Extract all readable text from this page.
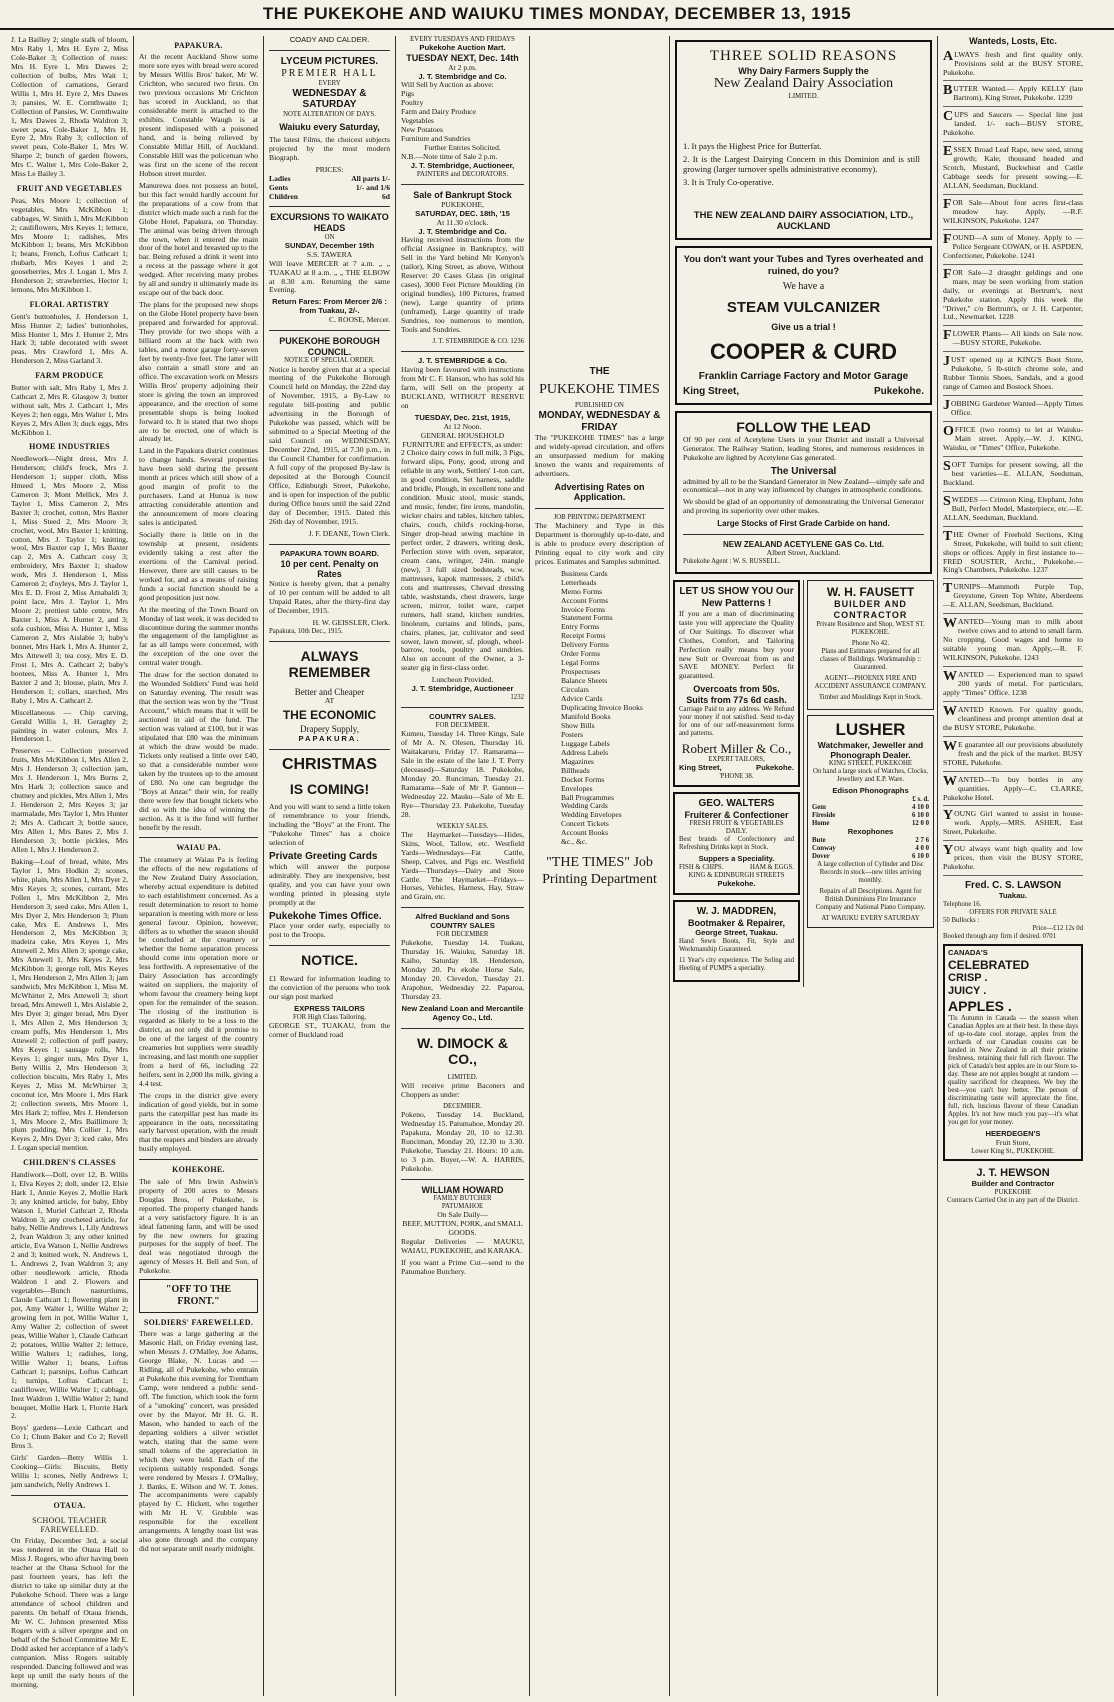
THE PUKEKOHE AND WAIUKU TIMES MONDAY, DECEMBER 13, 1915

J. La Bailley 2; single stalk of bloom, Mrs Raby 1, Mrs H. Eyre 2, Miss Cole-Baker 3; Collection of roses: Mrs H. Eyre 1, Mrs Dawes 2; collection of bulbs, Mrs Wait 1; Collection of carnations, Gerard Willis 1, Mrs H. Eyre 2, Mrs Dawes 3; pansies, W. E. Cornthwaite 1; Collection of Pansies, W. Cornthwaite 1, Mrs Dawes 2, Rhoda Waldron 3; sweet peas, Cole-Baker 1, Mrs H. Eyre 2, Mrs Raby 3; collection of sweet peas, Cole-Baker 1, Mrs W. Sharpe 2; bunch of garden flowers, Mrs C. Walter 1, Mrs Cole-Baker 2, Miss Le Bailey 3.

FRUIT AND VEGETABLES

Peas, Mrs Moore 1; collection of vegetables, Mrs McKibbon 1; cabbages, W. Smith 1, Mrs McKibbon 2; cauliflowers, Mrs Keyes 1; lettuce, Mrs Moore 1; radishes, Mrs McKibbon 1; beans, Mrs McKibbon 1; beans, French, Loftus Cathcart 1; rhubarb, Mrs Keyes 1 and 2; gooseberries, Mrs J. Logan 1, Mrs J. Henderson 2; strawberries, Hector 1; lemons, Mrs McKibbon 1.

FLORAL ARTISTRY

Gent's buttonholes, J. Henderson 1, Miss Hunter 2; ladies' buttonholes, Miss Hunter 1, Mrs J. Hunter 2, Mrs Hark 3; table decorated with sweet peas, Mrs Crawford 1, Mrs A. Henderson 2, Miss Garland 3.

FARM PRODUCE

Butter with salt, Mrs Raby 1, Mrs J. Cathcart 2, Mrs R. Glasgow 3; butter without salt, Mrs J. Cathcart 1, Mrs Keyes 2; hen eggs, Mrs Walter 1, Mrs Keyes 2, Mrs Allen 3; duck eggs, Mrs McKibbon 1.

HOME INDUSTRIES

Needlework—Night dress, Mrs J. Henderson; child's frock, Mrs J. Henderson 1; supper cloth, Miss Hmeed 1, Mrs Moore 2, Miss Cameron 3; Mont Mellick, Mrs J. Taylor 1, Miss Cameron 2, Mrs Baxter 3; crochet, cotton, Mrs Baxter 1, Miss Steed 2, Mrs Moore 3; crochet, wool, Mrs Baxter 1; knitting, cotton, Mrs J. Taylor 1; knitting, wool, Mrs Baxter cap 1, Mrs Baxter cap 2, Mrs A. Cathcart cosy 3; embroidery, Mrs Baxter 1; shadow work, Mrs J. Henderson 1, Miss Cameron 2; d'oyleys, Mrs J. Taylor 1, Mrs E. D. Frost 2, Miss Arnabaldi 3; point lace, Mrs J. Taylor 1, Mrs Moore 2; prettiest table centre, Mrs Baxter 1, Miss A. Hunter 2, and 3; sofa cushion, Miss A. Hunter 1, Miss Cameron 2, Mrs Aislabie 3; baby's bonnet, Mrs Hark 1, Mrs A. Hunter 2, Mrs Attewell 3; tea cosy, Mrs E. D. Frost 1, Mrs A. Cathcart 2; baby's bootees, Miss A. Hunter 1, Mrs Baxter 2 and 3; blouse, plain, Mrs J. Henderson 1; collars, starched, Mrs Raby 1, Mrs A. Cathcart 2.

Miscellaneous — Chip carving, Gerald Willis 1, H. Geraghty 2; painting in water colours, Mrs J. Henderson 1.

Preserves — Collection preserved fruits, Mrs McKibbon 1, Mrs Allen 2, Mrs J. Henderson 3; collection jam, Mrs J. Henderson 1, Mrs Burns 2, Mrs Hark 3; collection sauce and chutney and pickles, Mrs Allen 1, Mrs J. Henderson 2, Mrs Keyes 3; jar marmalade, Mrs Taylor 1, Mrs Hunter 2; Mrs A. Cathcart 3; bottle sauce, Mrs Allen 1, Mrs Bates 2, Mrs J. Henderson 3; bottle pickles, Mrs Allen 1, Mrs J. Henderson 2.

Baking—Loaf of bread, white, Mrs Taylor 1, Mrs Hodkin 2; scones, white, plain, Mrs Allen 1, Mrs Dyer 2, Mrs Keyes 3; scones, currant, Mrs Pollen 1, Mrs McKibbon 2, Mrs Henderson 3; seed cake, Mrs Allen 1, Mrs Dyer 2, Mrs Henderson 3; Plum cake, Mrs E. Andrews 1, Mrs Henderson 2, Mrs McKibbon 3; madeira cake, Mrs Keyes 1, Mrs Attewell 2, Mrs Allen 3; sponge cake, Mrs Attewell 1, Mrs Keyes 2, Mrs McKibbon 3; george roll, Mrs Keyes 1, Mrs Henderson 2, Mrs Allen 3; jam sandwich, Mrs McKibbon 1, Miss M. McWhirter 2, Mrs Attewell 3; short bread, Mrs Attewell 1, Mrs Aislabie 2, Mrs Dyer 3; ginger bread, Mrs Dyer 1, Mrs Allen 2, Mrs Henderson 3; cream puffs, Mrs Henderson 1, Mrs Attewell 2; collection of puff pastry, Mrs Keyes 1; sausage rolls, Mrs Keyes 1; ginger nuts, Mrs Dyer 1, Betty Willis 2, Mrs Henderson 3; collection biscuits, Mrs Raby 1, Mrs Keyes 2, Miss M. McWhirter 3; coconut ice, Mrs Moore 1, Mrs Hark 2; collection sweets, Mrs Moore 1, Mrs Hark 2; toffee, Mrs J. Henderson 1, Mrs Moore 2, Mrs Baillimore 3; plum pudding, Mrs Collier 1, Mrs Keyes 2, Mrs Dyer 3; iced cake, Mrs J. Logan special mention.

CHILDREN'S CLASSES

Handiwork—Doll, over 12, B. Willis 1, Elva Keyes 2; doll, under 12, Elsie Hark 1, Annie Keyes 2, Mollie Hark 3; any knitted article, for baby, Ebby Watson 1, Muriel Cathcart 2, Rhoda Waldron 3; any crocheted article, for baby, Nellie Andrews 1, Lily Andrews 2, Ivan Waldron 3; any other knitted article, Eva Watson 1, Nellie Andrews 2 and 3; knitted work, N. Andrews 1, L. Andrews 2, Ivan Waldron 3; any other needlework article, Rhoda Waldron 1 and 2. Flowers and vegetables—Bunch nasturtiums, Claude Cathcart 1; flowering plant in pot, Amy Walter 1, Willie Walter 2; growing fern in pot, Willie Walter 1, Amy Walter 2; collection of sweet peas, Willie Walter 1, Claude Cathcart 2; potatoes, Willie Walter 2; lettuce, Willie Walters 1; radishes, long, Willie Walter 1; beans, Loftus Cathcart 1; parsnips, Loftus Cathcart 1; turnips, Loftus Cathcart 1; cauliflower, Willie Walter 1; cabbage, Inez Waldron 1, Willie Walter 2; hand bouquet, Mollie Hark 1, Florrie Hark 2.

Boys' gardens—Lexie Cathcart and Co 1; Chum Baker and Co 2; Revell Bros 3.

Girls' Garden—Betty Willis 1. Cooking—Girls: Biscuits, Betty Willis 1; scones, Nelly Andrews 1; jam sandwich, Nelly Andrews 1.

OTAUA.
SCHOOL TEACHER FAREWELLED.

On Friday, December 3rd, a social was tendered in the Otaua Hall to Miss J. Rogers, who after having been teacher at the Otaua School for the past fourteen years, has left the district to take up similar duty at the Pukekohe School. There was a large attendance of school children and parents. On behalf of Otaua friends, Mr W. C. Johnson presented Miss Rogers with a silver epergne and on behalf of the School Committee Mr E. Dodd asked her acceptance of a lady's companion. Miss Rogers suitably responded. Dancing followed and was kept up until the early hours of the morning.

PAPAKURA.

At the recent Auckland Show some more sore eyes with bread were scored by Messrs Willis Bros' baker, Mr W. Crichton, who secured two firsts. On two previous occasions Mr Crichton has scored in Auckland, so that considerable merit is attached to the exhibits. Constable Waugh is at present indisposed with a poisoned hand, and is being relieved by Constable Millar Hill, of Auckland. Constable Hill was the policeman who was first on the scene of the recent Hobson street murder.

Manurewa does not possess an hotel, but this fact would hardly account for the preparations of a cow from that district which made such a rush for the Globe Hotel, Papakura, on Thursday. The animal was being driven through the town, when it entered the main door of the hotel and breasted up to the bar. Being refused a drink it went into a recess at the passage where it got wedged. After receiving many probes by all and sundry it ultimately made its escape out of the back door.

The plans for the proposed new shops on the Globe Hotel property have been prepared and forwarded for approval. They provide for two shops with a billiard room at the back with two tables, and a motor garage forty-seven feet by twenty-five feet. The latter will also contain a small store and an office. The excavation work on Messrs Willis Bros' property adjoining their store is giving the town an improved appearance, and the erection of some presentable shops is being looked forward to. It is stated that two shops are to be erected, one of which is already let.

Land in the Papakura district continues to change hands. Several properties have been sold during the present month at prices which still show of a good margin of profit to the purchasers. Land at Hunua is now attracting considerable attention and the announcement of more clearing sales is anticipated.

Socially there is little on in the township at present, residents evidently taking a rest after the exertions of the Carnival period. However, there are still causes to be worked for, and as a means of raising funds a social function should be a good proposition just now.

At the meeting of the Town Board on Monday of last week, it was decided to discontinue during the summer months the engagement of the lamplighter as far as all lamps were concerned, with the exception of the one over the central water trough.

The draw for the section donated to the Wounded Soldiers' Fund was held on Saturday evening. The result was that the section was won by the "Trust Account," which means that it will be auctioned in aid of the fund. The section was valued at £100, but it was stipulated that £80 was the minimum at which the draw would be made. Tickets only realised a little over £40, so that a considerable number were taken by the trustees up to the amount of £80. No one can begrudge the "Boys at Anzac" their win, for really there were few that bought tickets who did so with the idea of winning the section. As it is the fund will further benefit by the result.

WAIAU PA.

The creamery at Waiau Pa is feeling the effects of the new regulations of the New Zealand Dairy Association, whereby actual expenditure is debited to each establishment concerned. As a result determination to resort to home separation is meeting with more or less general favour. Opinion, however, differs as to whether the season should be concluded at the creamery or whether the home separation process should come into operation more or less forthwith. A representative of the Dairy Association has accordingly waited on suppliers, the majority of whom favour the creamery being kept open for the remainder of the season. The closing of the institution is regarded as likely to be a loss to the district, as not only did it promise to be one of the largest of the country creameries but suppliers were steadily increasing, and last month one supplier from a herd of 66, including 22 heifers, sent in 2,000 lbs milk, giving a 4.4 test.

The crops in the district give every indication of good yields, but in some parts the caterpillar pest has made its appearance in the oats, necessitating early harvest operation, with the result that the reapers and binders are already busily employed.

KOHEKOHE.

The sale of Mrs Irwin Ashwin's property of 200 acres to Messrs Douglas Bros, of Pukekohe, is reported. The property changed hands at a very satisfactory figure. It is an ideal fattening farm, and will be used by the new owners for grazing purposes for the supply of beef. The deal was negotiated through the agency of Messrs H. Bell and Son, of Pukekohe.

"OFF TO THE FRONT."
SOLDIERS' FAREWELLED.

There was a large gathering at the Masonic Hall, on Friday evening last, when Messrs J. O'Malley, Joe Adams, George Blake, N. Lucas and — Ridling, all of Pukekohe, who entrain at Pukekohe this evening for Trentham Camp, were tendered a public send-off. The function, which took the form of a "smoking" concert, was presided over by the Mayor, Mr H. G. R. Mason, who handed to each of the departing soldiers a silver wristlet watch, stating that the same were small tokens of the appreciation in which they were held. Each of the recipients suitably responded. Songs were rendered by Messrs J. O'Malley, J. Banks, E. Wilson and W. T. Jones. The accompaniments were capably played by C. Hickett, who together with Mr H. V. Grubble was responsible for the excellent arrangements. A lengthy toast list was also gone through and the company did not separate until nearly midnight.

COADY AND CALDER.
LYCEUM PICTURES.
PREMIER HALL
EVERY
WEDNESDAY & SATURDAY
NOTE ALTERATION OF DAYS.
Waiuku every Saturday,

The latest Films, the choicest subjects projected by the most modern Biograph.

PRICES:
Ladies	All parts 1/-
Gents	1/- and 1/6
Children	6d
EXCURSIONS TO WAIKATO HEADS
ON
SUNDAY, December 19th
S.S. TAWERA

Will leave MERCER at 7 a.m. „ „ TUAKAU at 8 a.m. „ „ THE ELBOW at 8.30 a.m. Returning the same Evening.

Return Fares: From Mercer 2/6 : from Tuakau, 2/-.
C. ROOSE, Mercer.
PUKEKOHE BOROUGH COUNCIL.
NOTICE OF SPECIAL ORDER.

Notice is hereby given that at a special meeting of the Pukekohe Borough Council held on Monday, the 22nd day of November, 1915, a By-Law to regulate bill-posting and public advertising in the Borough of Pukekohe was passed, which will be submitted to a Special Meeting of the said Council on WEDNESDAY, December 22nd, 1915, at 7.30 p.m., in the Council Chamber for confirmation. A full copy of the proposed By-law is deposited at the Borough Council Office, Edinburgh Street, Pukekohe, and is open for inspection of the public during Office hours until the said 22nd day of December, 1915. Dated this 26th day of November, 1915.

J. F. DEANE, Town Clerk.
PAPAKURA TOWN BOARD.
10 per cent. Penalty on Rates

Notice is hereby given, that a penalty of 10 per centum will be added to all Unpaid Rates, after the thirty-first day of December, 1915.

H. W. GEISSLER, Clerk.
Papakura, 10th Dec., 1915.
ALWAYS REMEMBER
Better and Cheaper
AT
THE ECONOMIC
Drapery Supply,
PAPAKURA.
CHRISTMAS
IS COMING!

And you will want to send a little token of remembrance to your friends, including the "Boys" at the Front. The "Pukekohe Times" has a choice selection of

Private Greeting Cards

which will answer the purpose admirably. They are inexpensive, best quality, and you can have your own wording printed in pleasing style promptly at the

Pukekohe Times Office.

Place your order early, especially to post to the Troops.

NOTICE.

£1 Reward for information leading to the conviction of the persons who took our sign post marked

EXPRESS TAILORS
FOR High Class Tailoring,

GEORGE ST., TUAKAU, from the corner of Buckland road

EVERY TUESDAYS AND FRIDAYS
Pukekohe Auction Mart.
TUESDAY NEXT, Dec. 14th
At 2 p.m.
J. T. Stembridge and Co.
Will Sell by Auction as above:
Pigs
Poultry
Farm and Dairy Produce
Vegetables
New Potatoes
Furniture and Sundries
Further Entries Solicited.
N.B.—Note time of Sale 2 p.m.
J. T. Stembridge, Auctioneer,
PAINTERS and DECORATORS.
Sale of Bankrupt Stock
PUKEKOHE,
SATURDAY, DEC. 18th, '15
At 11.30 o'clock.
J. T. Stembridge and Co.

Having received instructions from the official Assignee in Bankruptcy, will Sell in the Yard behind Mr Kenyon's (tailor), King Street, as above, Without Reserve: 20 Cases Glass (in original cases), 3000 Feet Picture Moulding (in original bundles), 100 Pictures, framed (new), Large quantity of prints (unframed), Large quantity of trade Sundries, too numerous to mention, Tools and Sundries.

J. T. STEMBRIDGE & CO. 1236
J. T. STEMBRIDGE & Co.

Having been favoured with instructions from Mr C. F. Hanson, who has sold his farm, will Sell on the property at BUCKLAND, WITHOUT RESERVE on

TUESDAY, Dec. 21st, 1915,
At 12 Noon.
GENERAL HOUSEHOLD FURNITURE and EFFECTS, as under:

2 Choice dairy cows in full milk, 3 Pigs, forward slips, Pony, good, strong and reliable in any work, Settlers' 1-ton cart, in good condition, Set harness, saddle and bridle, Plough, in excellent tone and condition. Music stool, music stands, and music, fender, fire irons, mandolin, wicker chairs and tables, kitchen tables, chairs, couch, child's rocking-horse, Singer drop-head sewing machine in perfect order, 2 drawers, writing desk, Perfection stove with oven, separator, cream cans, wringer, 24in. mangle (new), 3 full sized bedsteads, w.w. mattresses, kapok mattresses, 2 child's cots and mattresses, Chevad dressing table, washstands, chest drawers, large screen, mirror, toilet ware, carpet runners, hall stand, kitchen sundries, linoleum, curtains and blinds, pans, chairs, planes, jar, cultivator and seed sower, lawn mower, sf. plough, wheel-barrow, tools, poultry and sundries. Also on account of the Owner, a 3-seater gig in first-class order.

Luncheon Provided.
J. T. Stembridge, Auctioneer
1232
COUNTRY SALES.
FOR DECEMBER.

Kumeu, Tuesday 14. Three Kings, Sale of Mr A. N. Olesen, Thursday 16. Waitakaruru, Friday 17. Ramarama—Sale in the estate of the late J. T. Perry (deceased)—Saturday 18. Pukekohe, Monday 20. Runciman, Tuesday 21. Ramarama—Sale of Mr P. Gannon—Wednesday 22. Mauku—Sale of Mr E. Rye—Thursday 23. Pukekohe, Tuesday 28.

WEEKLY SALES.

The Haymarket—Tuesdays—Hides, Skins, Wool, Tallow, etc. Westfield Yards—Wednesdays—Fat Cattle, Sheep, Calves, and Pigs etc. Westfield Yards—Thursdays—Dairy and Store Cattle. The Haymarket—Fridays—Horses, Vehicles, Harness, Hay, Straw and Grain, etc.

Alfred Buckland and Sons
COUNTRY SALES
FOR DECEMBER

Pukekohe, Tuesday 14. Tuakau, Thursday 16. Waiuku, Saturday 18. Kaiho, Saturday 18. Henderson, Monday 20. Pu ekohe Horse Sale, Monday 20. Clevedon, Tuesday 21. Arapohue, Wednesday 22. Paparoa, Thursday 23.

New Zealand Loan and Mercantile Agency Co., Ltd.
W. DIMOCK & CO.,
LIMITED.

Will receive prime Baconers and Choppers as under:

DECEMBER.

Pokeno, Tuesday 14. Buckland, Wednesday 15. Patumahoe, Monday 20. Papakura, Monday 20, 10 to 12.30. Runciman, Monday 20, 12.30 to 3.30. Pukekohe, Tuesday 21. Hours: 10 a.m. to 3 p.m. Buyer,—W. A. HARRIS, Pukekohe.

WILLIAM HOWARD
FAMILY BUTCHER
PATUMAHOE
On Sale Daily—
BEEF, MUTTON, PORK, and SMALL GOODS.

Regular Deliveries — MAUKU, WAIAU, PUKEKOHE, and KARAKA.

If you want a Prime Cut—send to the Patumahoe Butchery.

THE
PUKEKOHE TIMES
PUBLISHED ON
MONDAY, WEDNESDAY & FRIDAY

The "PUKEKOHE TIMES" has a large and widely-spread circulation, and offers an unsurpassed medium for making known the wants and requirements of advertisers.

Advertising Rates on Application.
JOB PRINTING DEPARTMENT

The Machinery and Type in this Department is thoroughly up-to-date, and is able to produce every description of Printing equal to city work and city prices. Estimates and Samples submitted.

Business Cards
Letterheads
Memo Forms
Account Forms
Invoice Forms
Statement Forms
Entry Forms
Receipt Forms
Delivery Forms
Order Forms
Legal Forms
Prospectuses
Balance Sheets
Circulars
Advice Cards
Duplicating Invoice Books
Manifold Books
Show Bills
Posters
Luggage Labels
Address Labels
Magazines
Billheads
Docket Forms
Envelopes
Ball Programmes
Wedding Cards
Wedding Envelopes
Concert Tickets
Account Books
&c., &c.
"THE TIMES" Job Printing Department
THREE SOLID REASONS
Why Dairy Farmers Supply the
New Zealand Dairy Association
LIMITED.

1. It pays the Highest Price for Butterfat.

2. It is the Largest Dairying Concern in this Dominion and is still growing (larger turnover spells administrative economy).

3. It is Truly Co-operative.

THE NEW ZEALAND DAIRY ASSOCIATION, LTD., AUCKLAND
You don't want your Tubes and Tyres overheated and ruined, do you?
We have a
STEAM VULCANIZER
Give us a trial !
COOPER & CURD
Franklin Carriage Factory and Motor Garage
King Street,	Pukekohe.
FOLLOW THE LEAD

Of 90 per cent of Acetylene Users in your District and install a Universal Generator. The Railway Station, leading Stores, and numerous residences in Pukekohe are lighted by Acetylene Gas generated.

The Universal

admitted by all to be the Standard Generator in New Zealand—simply safe and economical—not in any way influenced by changes in atmospheric conditions.

We should be glad of an opportunity of demonstrating the Universal Generator and proving its superiority over other makes.

Large Stocks of First Grade Carbide on hand.
NEW ZEALAND ACETYLENE GAS Co. Ltd.
Albert Street, Auckland.
Pukekohe Agent : W. S. RUSSELL.
LET US SHOW YOU Our New Patterns !

If you are a man of discriminating taste you will appreciate the Quality of Our Suitings. To discover what Clothes, Comfort, and Tailoring Perfection really means buy your new Suit or Overcoat from us and SAVE MONEY. Perfect fit guaranteed.

Overcoats from 50s.
Suits from 77s 6d cash.

Carriage Paid to any address. We Refund your money if not satisfied. Send to-day for one of our self-measurement forms and patterns.

Robert Miller & Co.,
EXPERT TAILORS,
King Street,	Pukekohe.
'PHONE 38.
GEO. WALTERS
Fruiterer & Confectioner
FRESH FRUIT & VEGETABLES DAILY.

Best brands of Confectionery and Refreshing Drinks kept in Stock.

Suppers a Speciality.
FISH & CHIPS.	HAM & EGGS.
KING & EDINBURGH STREETS
Pukekohe.
W. J. MADDREN,
Bootmaker & Repairer,
George Street, Tuakau.

Hand Sewn Boots, Fit, Style and Workmanship Guaranteed.

11 Year's city experience. The Soling and Heeling of PUMPS a speciality.

W. H. FAUSETT
BUILDER AND CONTRACTOR

Private Residence and Shop, WEST ST. PUKEKOHE.

Phone No 42.

Plans and Estimates prepared for all classes of Buildings. Workmanship :: Guaranteed.

AGENT—PHOENIX FIRE AND ACCIDENT ASSURANCE COMPANY.

Timber and Mouldings Kept in Stock.

LUSHER
Watchmaker, Jeweller and Phonograph Dealer.
KING STREET, PUKEKOHE

On hand a large stock of Watches, Clocks, Jewellery and E.P. Ware.

Edison Phonographs
£ s. d.
Gem	4 10 0
Fireside	6 10 0
Home	12 0 0
Rexophones
Bute	2 7 6
Conway	4 0 0
Dover	6 10 0

A large collection of Cylinder and Disc Records in stock—new titles arriving monthly.

Repairs of all Descriptions. Agent for British Dominions Fire Insurance Company and National Piano Company.

AT WAIUKU EVERY SATURDAY
Wanteds, Losts, Etc.

ALWAYS fresh and first quality only. Provisions sold at the BUSY STORE, Pukekohe.

BUTTER Wanted.— Apply KELLY (late Bartrom), King Street, Pukekohe. 1239

CUPS and Saucers — Special line just landed. 1/- each—BUSY STORE, Pukekohe.

ESSEX Broad Leaf Rape, new seed, strong growth; Kale; thousand headed and Scotch, Mustard, Buckwheat and Cattle Cabbage seeds for present sowing.—E. ALLAN, Seedsman, Buckland.

FOR Sale—About four acres first-class meadow hay. Apply, —R.F. WILKINSON, Pukekohe. 1247

FOUND—A sum of Money. Apply to — Police Sergeant COWAN, or H. ASPDEN, Confectioner, Pukekohe. 1241

FOR Sale—2 draught geldings and one mare, may be seen working from station daily, or evenings at Bertrum's, next Pukekohe station. Apply this week the "Driver," c/o Bertrum's, or J. H. Carpenter, Ltd., Newmarket. 1228

FLOWER Plants— All kinds on Sale now.—BUSY STORE, Pukekohe.

JUST opened up at KING'S Boot Store, Pukekohe, 5 lb-stitch chrome sole, and Rubber Tennis Shoes, Sandals, and a good range of Cameo and Bostock Shoes.

JOBBING Gardener Wanted—Apply Times Office.

OFFICE (two rooms) to let at Waiuku-Main street. Apply,—W. J. KING, Waiuku, or "Times" Office, Pukekohe.

SOFT Turnips for present sowing, all the best varieties—E. ALLAN, Seedsman, Buckland.

SWEDES — Crimson King, Elephant, John Bull, Perfect Model, Masterpiece, etc.—E. ALLAN, Seedsman, Buckland.

THE Owner of Freehold Sections, King Street, Pukekohe, will build to suit client; shops or offices. Apply in first instance to—FRED SOUSTER, Archt., Pukekohe.—King's Chambers, Pukekohe. 1237

TURNIPS—Mammoth Purple Top, Greystone, Green Top White, Aberdeens—E. ALLAN, Seedsman, Buckland.

WANTED—Young man to milk about twelve cows and to attend to small farm. No cropping. Good wages and home to suitable young man. Apply,—R. F. WILKINSON, Pukekohe. 1243

WANTED — Experienced man to spawl 200 yards of metal. For particulars, apply "Times" Office. 1238

WANTED Known. For quality goods, cleanliness and prompt attention deal at the BUSY STORE, Pukekohe.

WE guarantee all our provisions absolutely fresh and the pick of the market. BUSY STORE, Pukekohe.

WANTED—To buy bottles in any quantities. Apply—C. CLARKE, Pukekohe Hotel.

YOUNG Girl wanted to assist in house-work. Apply,—MRS. ASHER, East Street, Pukekohe.

YOU always want high quality and low prices, then visit the BUSY STORE, Pukekohe.

Fred. C. S. LAWSON
Tuakau.
Telephone 16.
OFFERS FOR PRIVATE SALE
50 Bullocks :
Price—£12 12s 0d

Booked through any firm if desired. 0701

CANADA'S
CELEBRATED
CRISP .
JUICY .
APPLES .

'Tis Autumn in Canada — the season when Canadian Apples are at their best. In these days of up-to-date cool storage, apples from the orchards of our Canadian cousins can be landed in New Zealand in all their pristine freshness, retaining their full rich flavour. The pick of Canada's best apples are in our Store to-day. These are not apples bought at random — quality sacrificed for cheapness. We buy the best—you can't buy better. The person of discriminating taste will appreciate the fine, full, rich, luscious flavour of these Canadian Apples. It's not how much you pay—it's what you get for your money.

HEERDEGEN'S
Fruit Store,
Lower King St., PUKEKOHE.
J. T. HEWSON
Builder and Contractor
PUKEKOHE

Contracts Carried Out in any part of the District.
